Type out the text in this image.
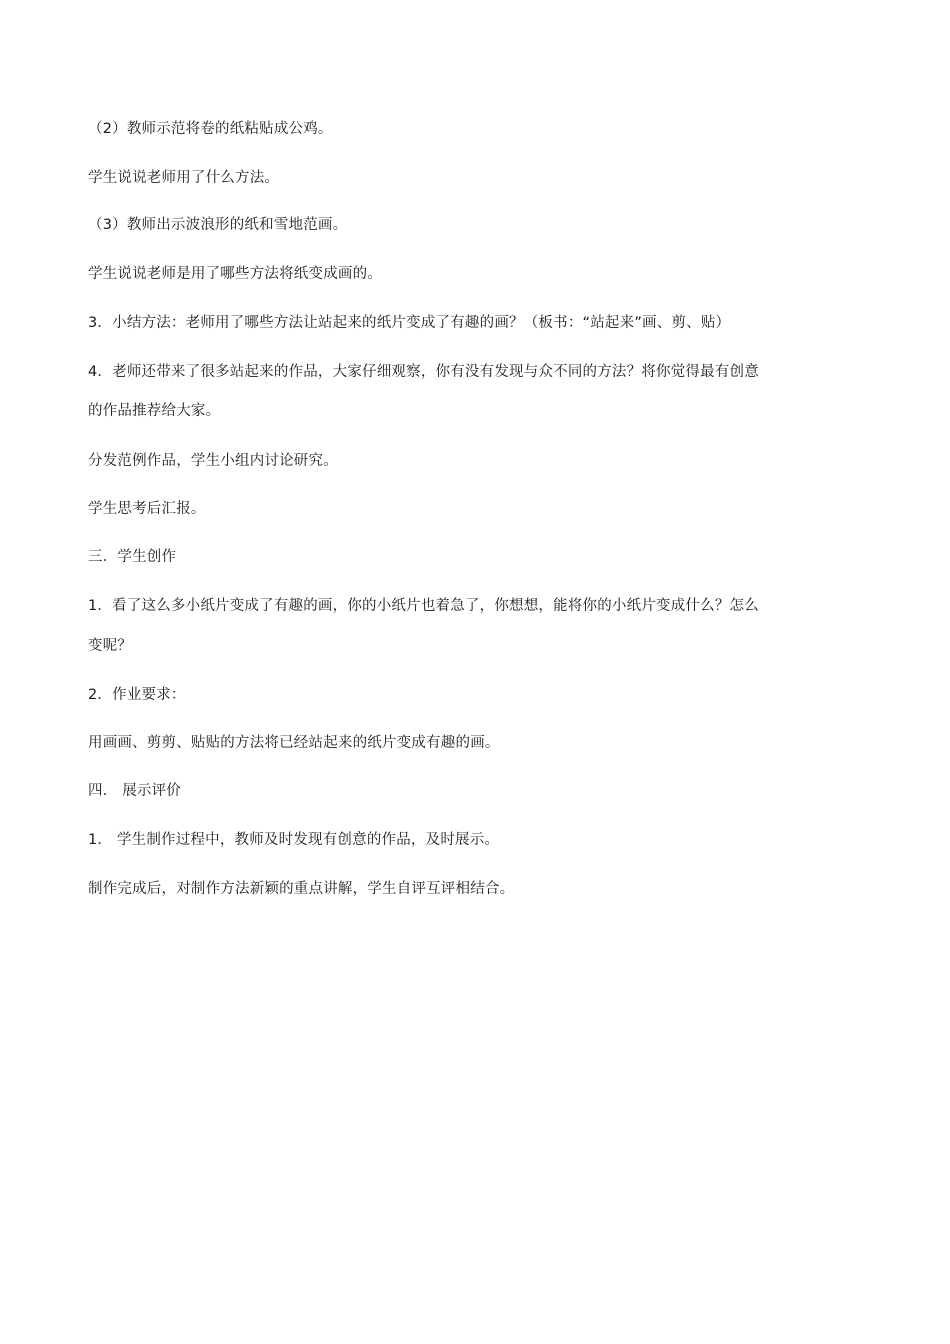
（2）教师示范将卷的纸粘贴成公鸡。
学生说说老师用了什么方法。
（3）教师出示波浪形的纸和雪地范画。
学生说说老师是用了哪些方法将纸变成画的。
3．小结方法：老师用了哪些方法让站起来的纸片变成了有趣的画？（板书：“站起来”画、剪、贴）
4．老师还带来了很多站起来的作品，大家仔细观察，你有没有发现与众不同的方法？将你觉得最有创意
的作品推荐给大家。
分发范例作品，学生小组内讨论研究。
学生思考后汇报。
三．学生创作
1．看了这么多小纸片变成了有趣的画，你的小纸片也着急了，你想想，能将你的小纸片变成什么？怎么
变呢？
2．作业要求：
用画画、剪剪、贴贴的方法将已经站起来的纸片变成有趣的画。
四． 展示评价
1． 学生制作过程中，教师及时发现有创意的作品，及时展示。
制作完成后，对制作方法新颖的重点讲解，学生自评互评相结合。
